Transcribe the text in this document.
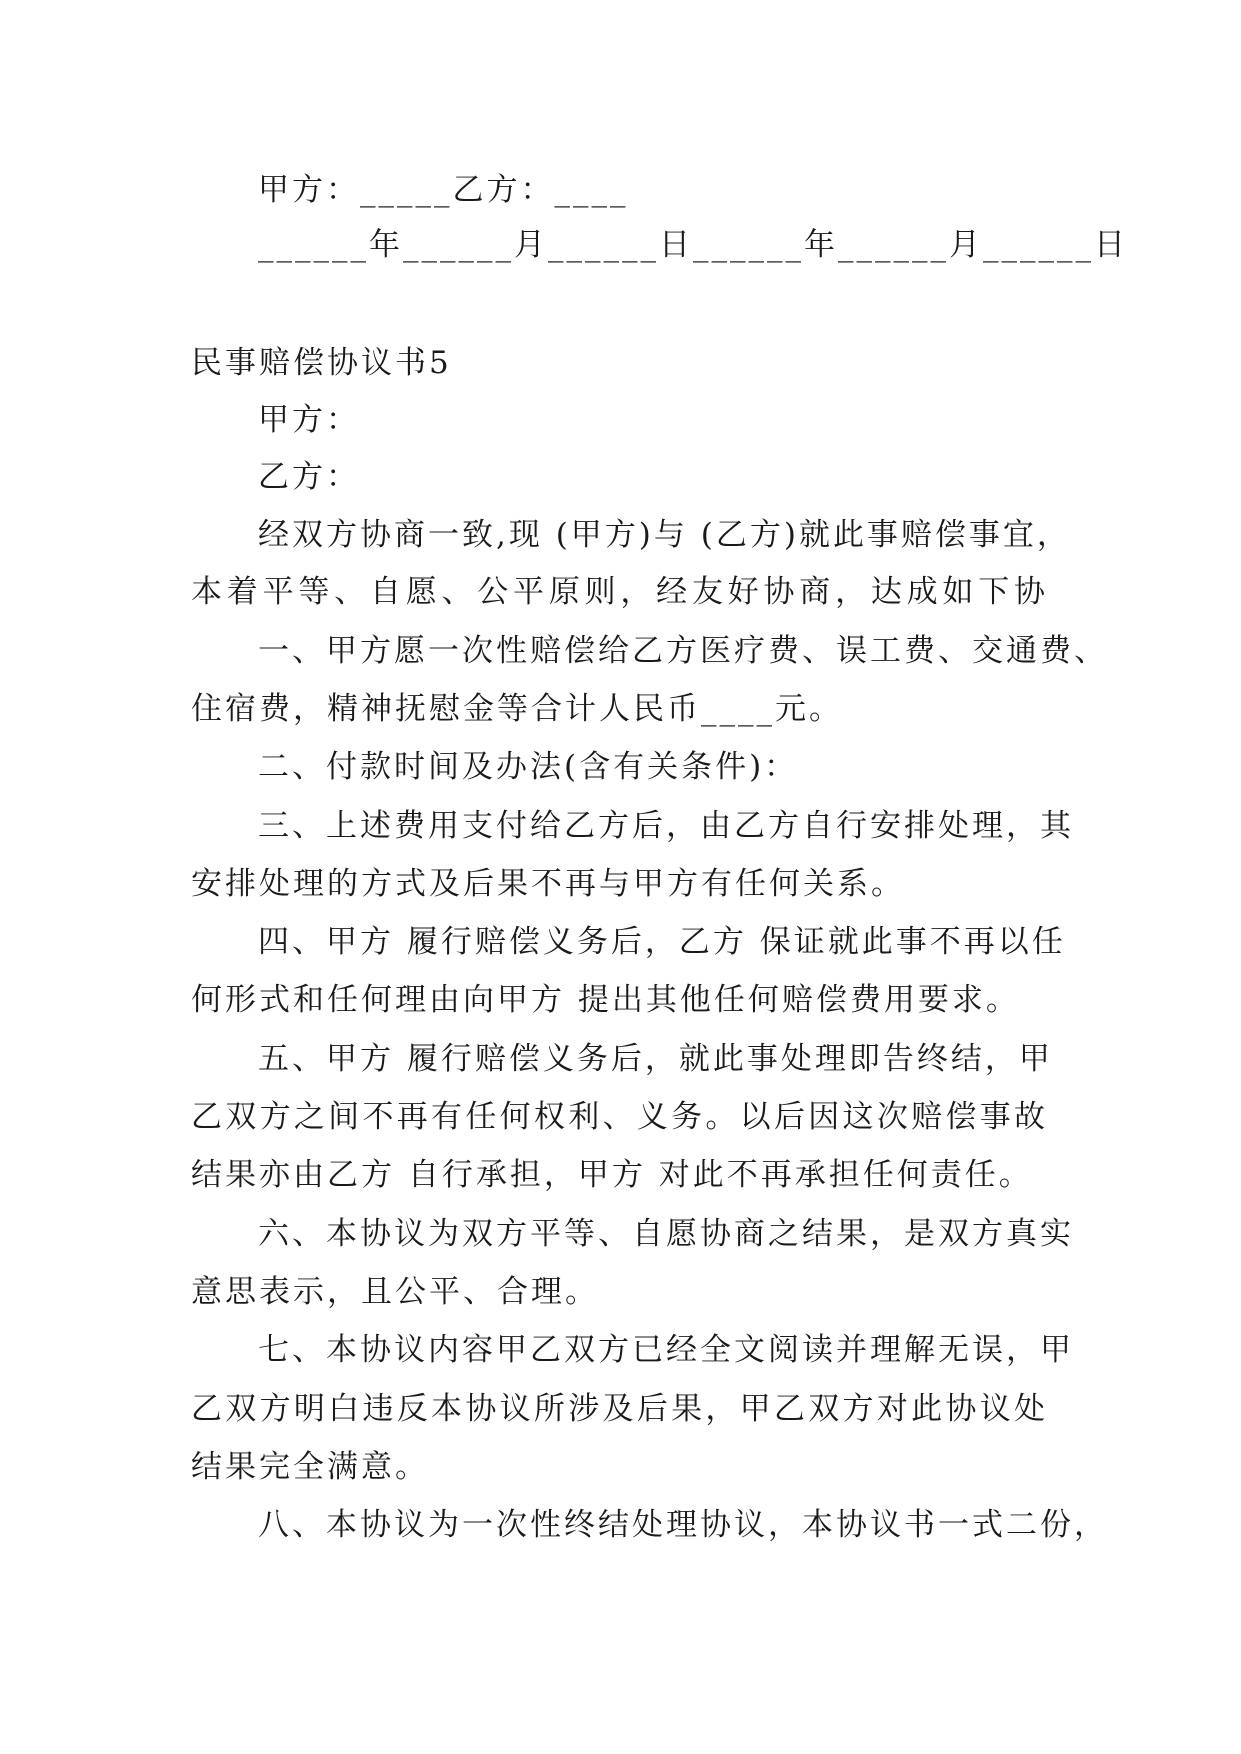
甲方：_____乙方：____
______年______月______日______年______月______日
民事赔偿协议书5
甲方：
乙方：
经双方协商一致,现 (甲方)与 (乙方)就此事赔偿事宜，
本着平等、自愿、公平原则，经友好协商，达成如下协
一、甲方愿一次性赔偿给乙方医疗费、误工费、交通费、
住宿费，精神抚慰金等合计人民币____元。
二、付款时间及办法(含有关条件)：
三、上述费用支付给乙方后，由乙方自行安排处理，其
安排处理的方式及后果不再与甲方有任何关系。
四、甲方 履行赔偿义务后，乙方 保证就此事不再以任
何形式和任何理由向甲方 提出其他任何赔偿费用要求。
五、甲方 履行赔偿义务后，就此事处理即告终结，甲
乙双方之间不再有任何权利、义务。以后因这次赔偿事故
结果亦由乙方 自行承担，甲方 对此不再承担任何责任。
六、本协议为双方平等、自愿协商之结果，是双方真实
意思表示，且公平、合理。
七、本协议内容甲乙双方已经全文阅读并理解无误，甲
乙双方明白违反本协议所涉及后果，甲乙双方对此协议处
结果完全满意。
八、本协议为一次性终结处理协议，本协议书一式二份，
